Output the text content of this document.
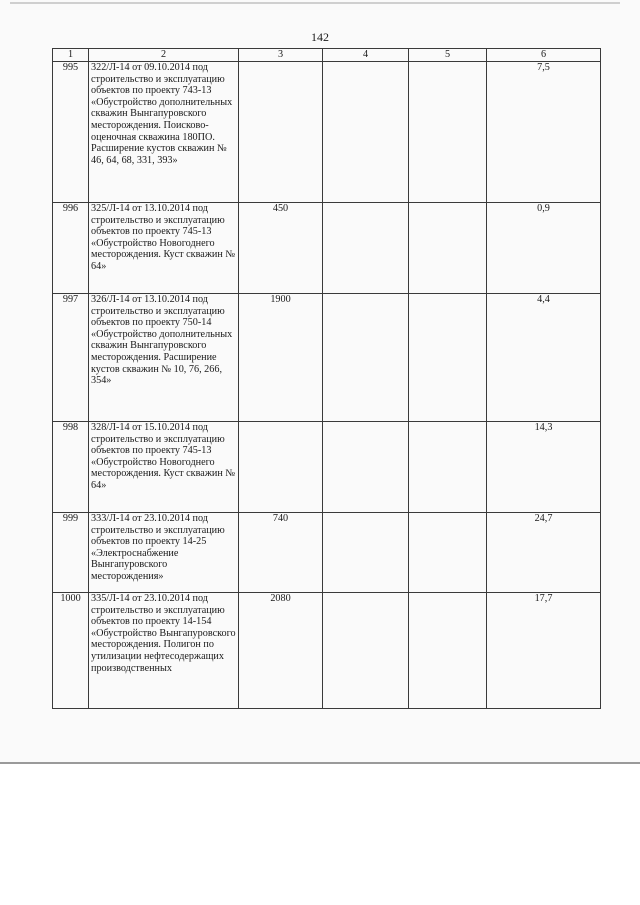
142
1	2	3	4	5	6
995	322/Л-14 от 09.10.2014 под строительство и эксплуатацию объектов по проекту 743-13 «Обустройство дополнительных скважин Вынгапуровского месторождения. Поисково-оценочная скважина 180ПО. Расширение кустов скважин № 46, 64, 68, 331, 393»				7,5
996	325/Л-14 от 13.10.2014 под строительство и эксплуатацию объектов по проекту 745-13 «Обустройство Новогоднего месторождения. Куст скважин № 64»	450			0,9
997	326/Л-14 от 13.10.2014 под строительство и эксплуатацию объектов по проекту 750-14 «Обустройство дополнительных скважин Вынгапуровского месторождения. Расширение кустов скважин № 10, 76, 266, 354»	1900			4,4
998	328/Л-14 от 15.10.2014 под строительство и эксплуатацию объектов по проекту 745-13 «Обустройство Новогоднего месторождения. Куст скважин № 64»				14,3
999	333/Л-14 от 23.10.2014 под строительство и эксплуатацию объектов по проекту 14-25 «Электроснабжение Вынгапуровского месторождения»	740			24,7
1000	335/Л-14 от 23.10.2014 под строительство и эксплуатацию объектов по проекту 14-154 «Обустройство Вынгапуровского месторождения. Полигон по утилизации нефтесодержащих производственных	2080			17,7
